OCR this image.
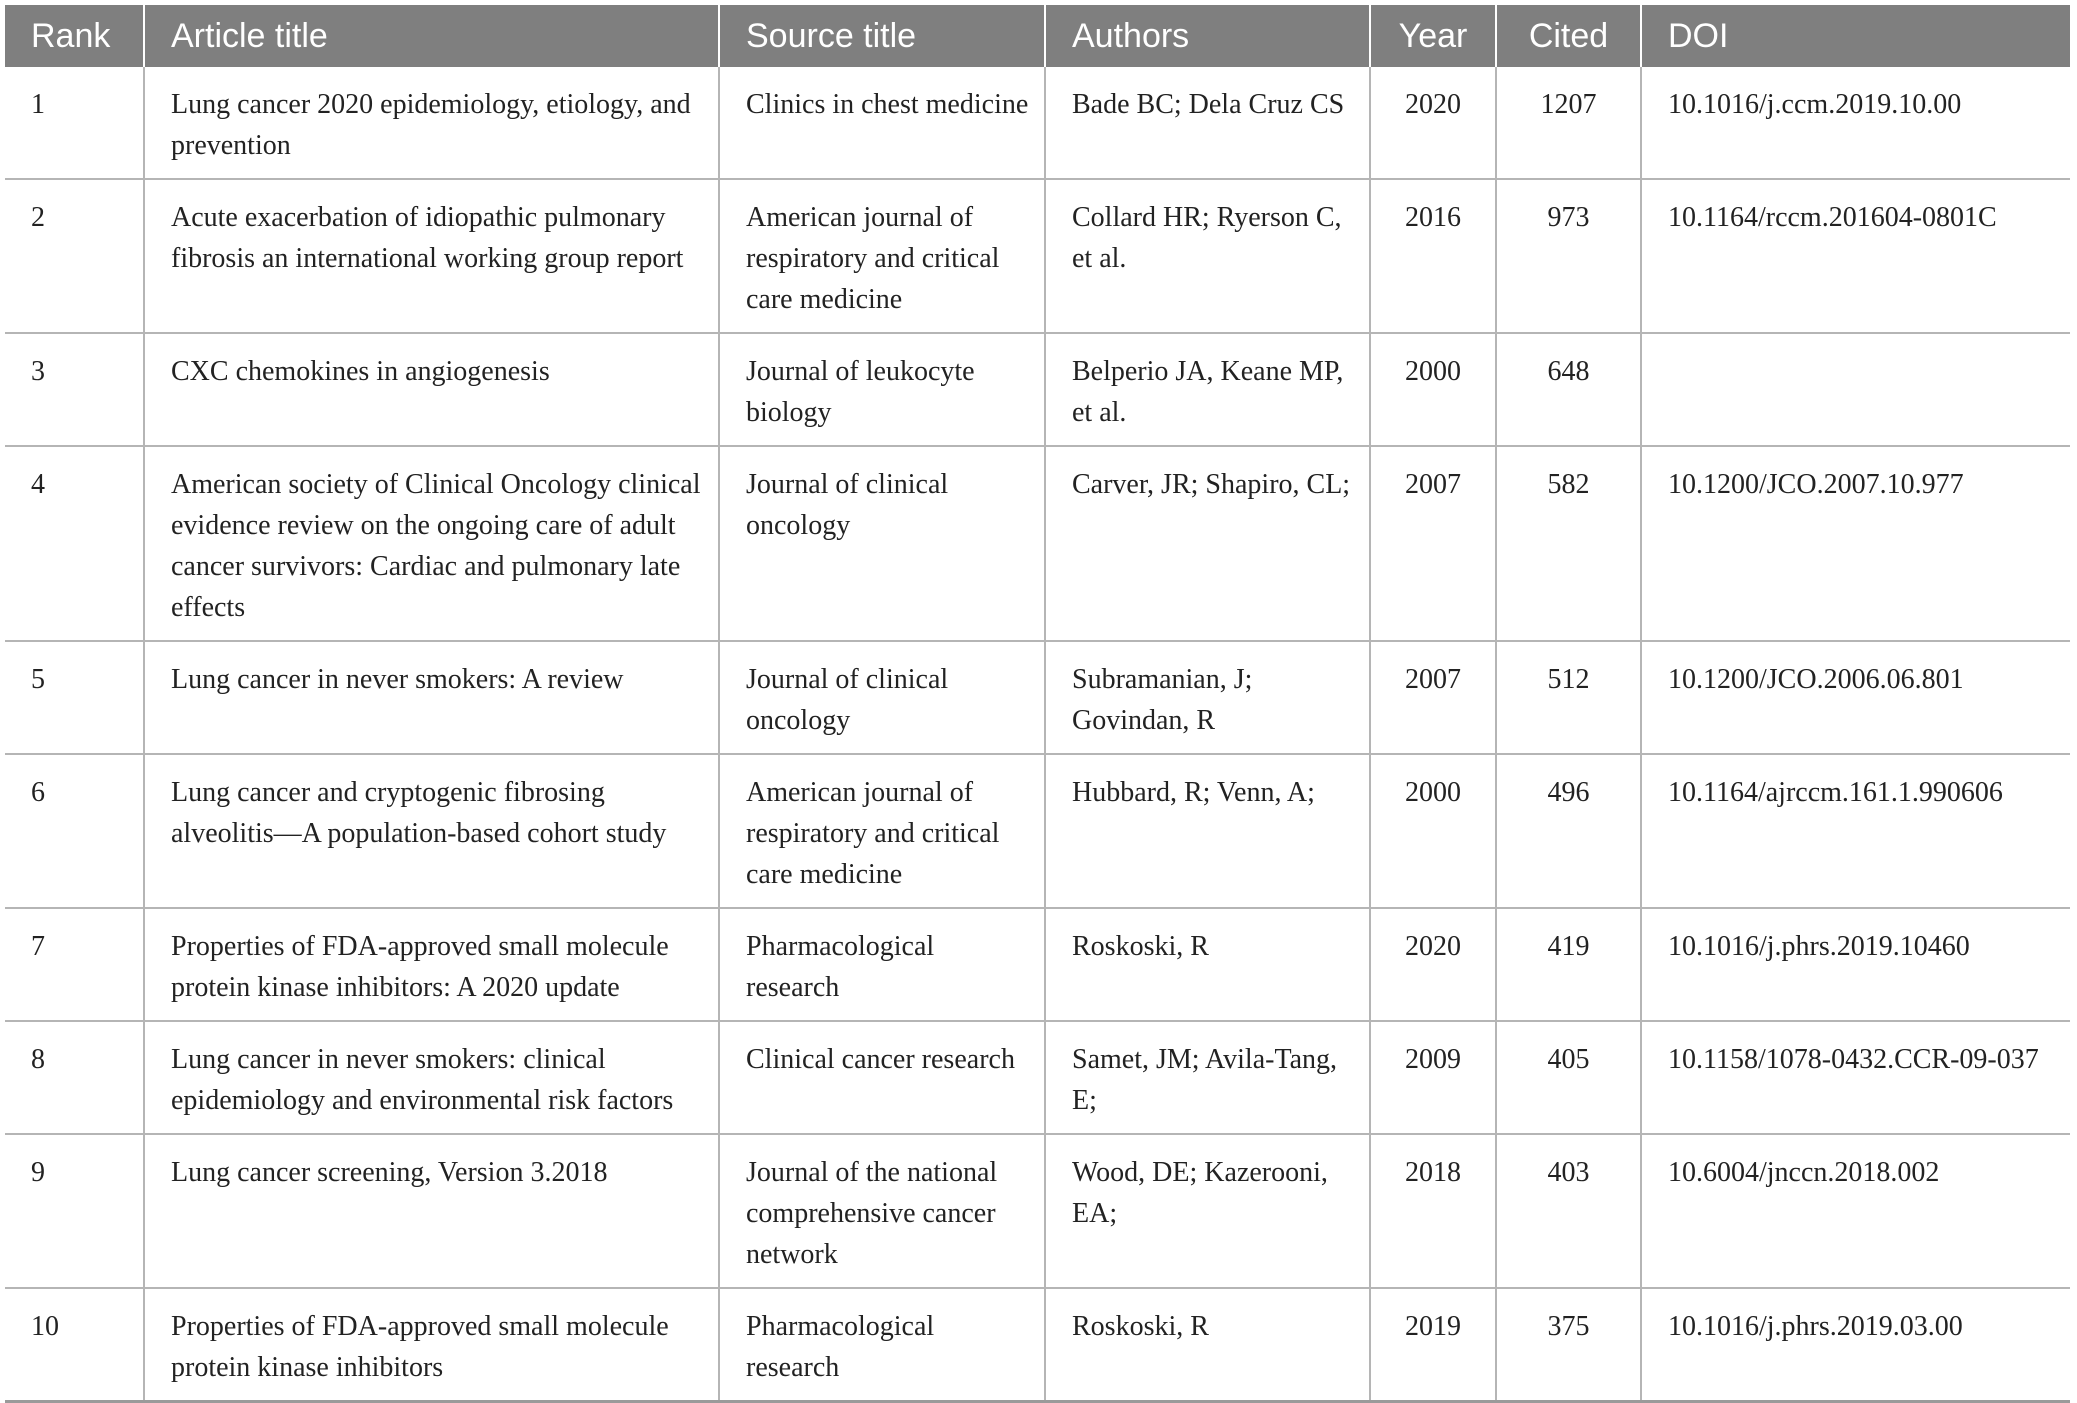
Rank	Article title	Source title	Authors	Year	Cited	DOI
1	Lung cancer 2020 epidemiology, etiology, and prevention	Clinics in chest medicine	Bade BC; Dela Cruz CS	2020	1207	10.1016/j.ccm.2019.10.00
2	Acute exacerbation of idiopathic pulmonary fibrosis an international working group report	American journal of respiratory and critical care medicine	Collard HR; Ryerson C, et al.	2016	973	10.1164/rccm.201604-0801C
3	CXC chemokines in angiogenesis	Journal of leukocyte biology	Belperio JA, Keane MP, et al.	2000	648	
4	American society of Clinical Oncology clinical evidence review on the ongoing care of adult cancer survivors: Cardiac and pulmonary late effects	Journal of clinical oncology	Carver, JR; Shapiro, CL;	2007	582	10.1200/JCO.2007.10.977
5	Lung cancer in never smokers: A review	Journal of clinical oncology	Subramanian, J; Govindan, R	2007	512	10.1200/JCO.2006.06.801
6	Lung cancer and cryptogenic fibrosing alveolitis—A population-based cohort study	American journal of respiratory and critical care medicine	Hubbard, R; Venn, A;	2000	496	10.1164/ajrccm.161.1.990606
7	Properties of FDA-approved small molecule protein kinase inhibitors: A 2020 update	Pharmacological research	Roskoski, R	2020	419	10.1016/j.phrs.2019.10460
8	Lung cancer in never smokers: clinical epidemiology and environmental risk factors	Clinical cancer research	Samet, JM; Avila-Tang, E;	2009	405	10.1158/1078-0432.CCR-09-037
9	Lung cancer screening, Version 3.2018	Journal of the national comprehensive cancer network	Wood, DE; Kazerooni, EA;	2018	403	10.6004/jnccn.2018.002
10	Properties of FDA-approved small molecule protein kinase inhibitors	Pharmacological research	Roskoski, R	2019	375	10.1016/j.phrs.2019.03.00
